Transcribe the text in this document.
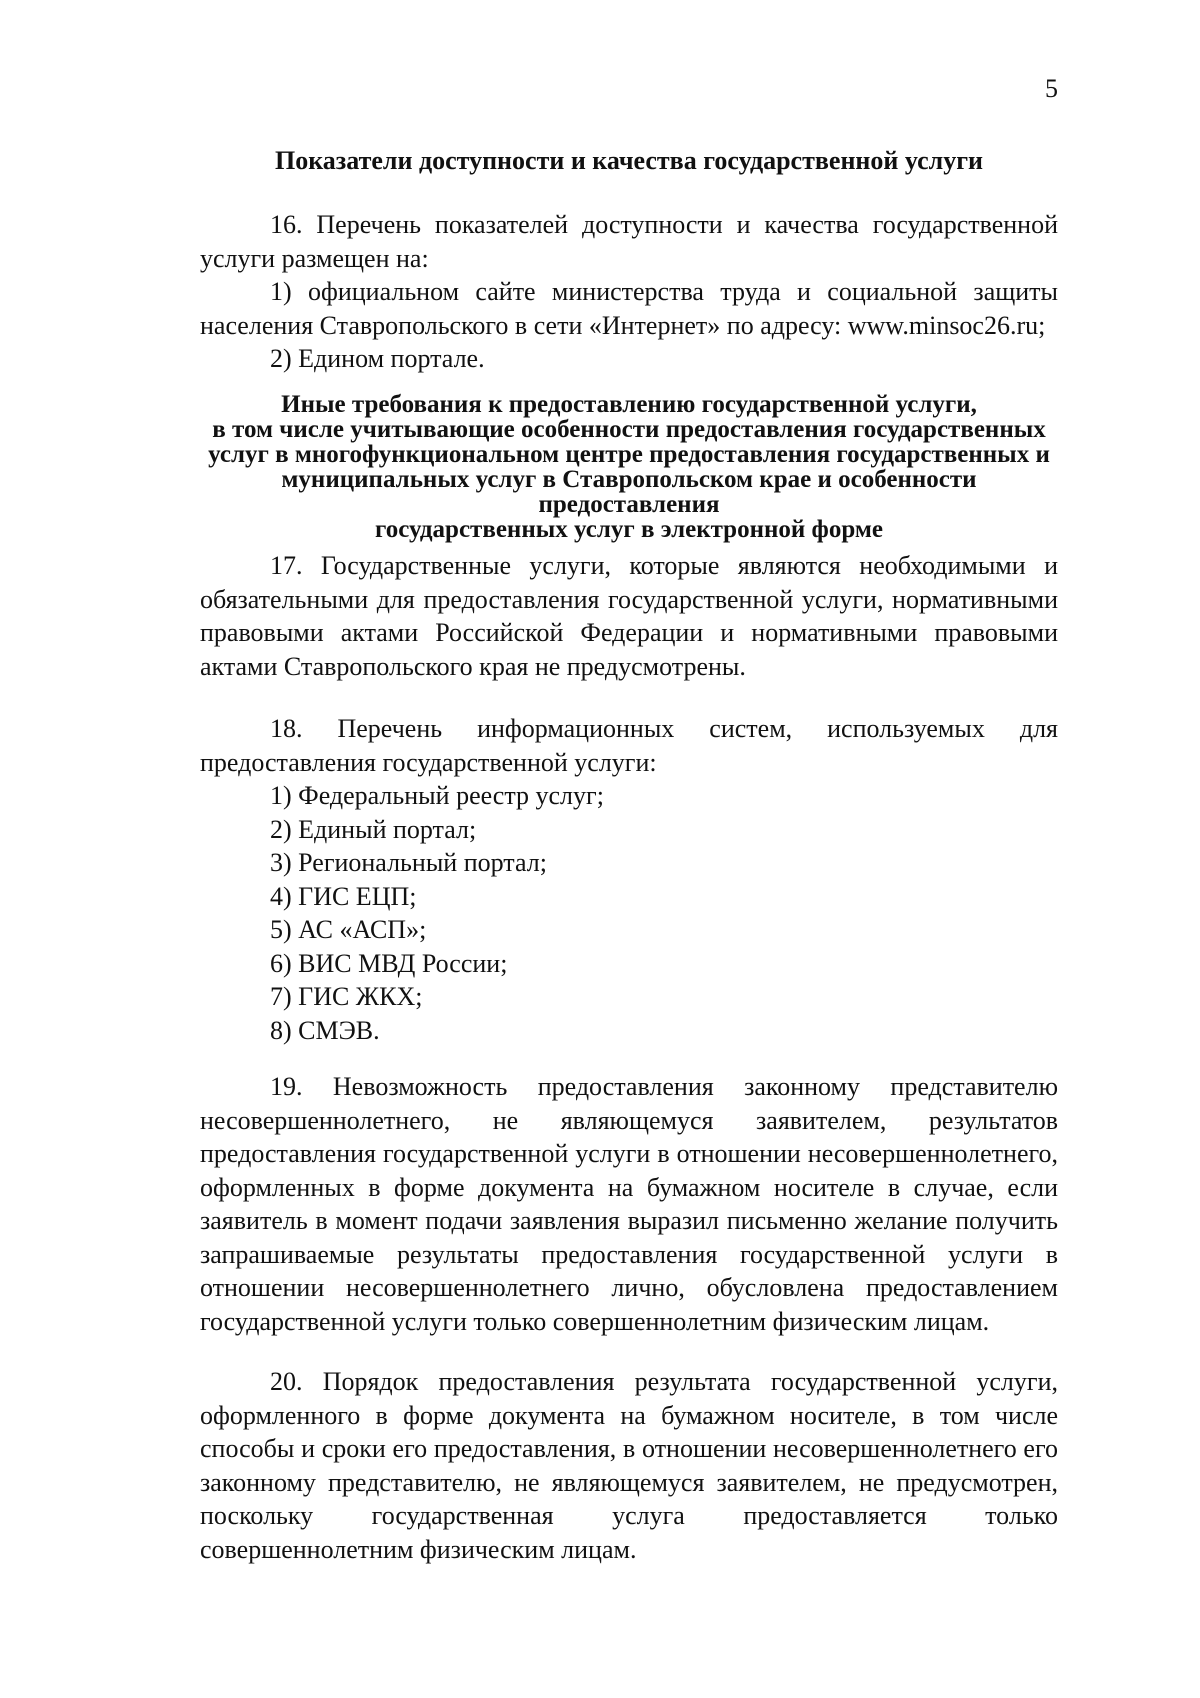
5
Показатели доступности и качества государственной услуги

16. Перечень показателей доступности и качества государственной услуги размещен на:

1) официальном сайте министерства труда и социальной защиты населения Ставропольского в сети «Интернет» по адресу: www.minsoc26.ru;

2) Едином портале.

Иные требования к предоставлению государственной услуги,
в том числе учитывающие особенности предоставления государственных
услуг в многофункциональном центре предоставления государственных и
муниципальных услуг в Ставропольском крае и особенности предоставления
государственных услуг в электронной форме

17. Государственные услуги, которые являются необходимыми и обязательными для предоставления государственной услуги, нормативными правовыми актами Российской Федерации и нормативными правовыми актами Ставропольского края не предусмотрены.

18. Перечень информационных систем, используемых для предоставления государственной услуги:

1) Федеральный реестр услуг;

2) Единый портал;

3) Региональный портал;

4) ГИС ЕЦП;

5) АС «АСП»;

6) ВИС МВД России;

7) ГИС ЖКХ;

8) СМЭВ.

19. Невозможность предоставления законному представителю несовершеннолетнего, не являющемуся заявителем, результатов предоставления государственной услуги в отношении несовершеннолетнего, оформленных в форме документа на бумажном носителе в случае, если заявитель в момент подачи заявления выразил письменно желание получить запрашиваемые результаты предоставления государственной услуги в отношении несовершеннолетнего лично, обусловлена предоставлением государственной услуги только совершеннолетним физическим лицам.

20. Порядок предоставления результата государственной услуги, оформленного в форме документа на бумажном носителе, в том числе способы и сроки его предоставления, в отношении несовершеннолетнего его законному представителю, не являющемуся заявителем, не предусмотрен, поскольку государственная услуга предоставляется только совершеннолетним физическим лицам.
